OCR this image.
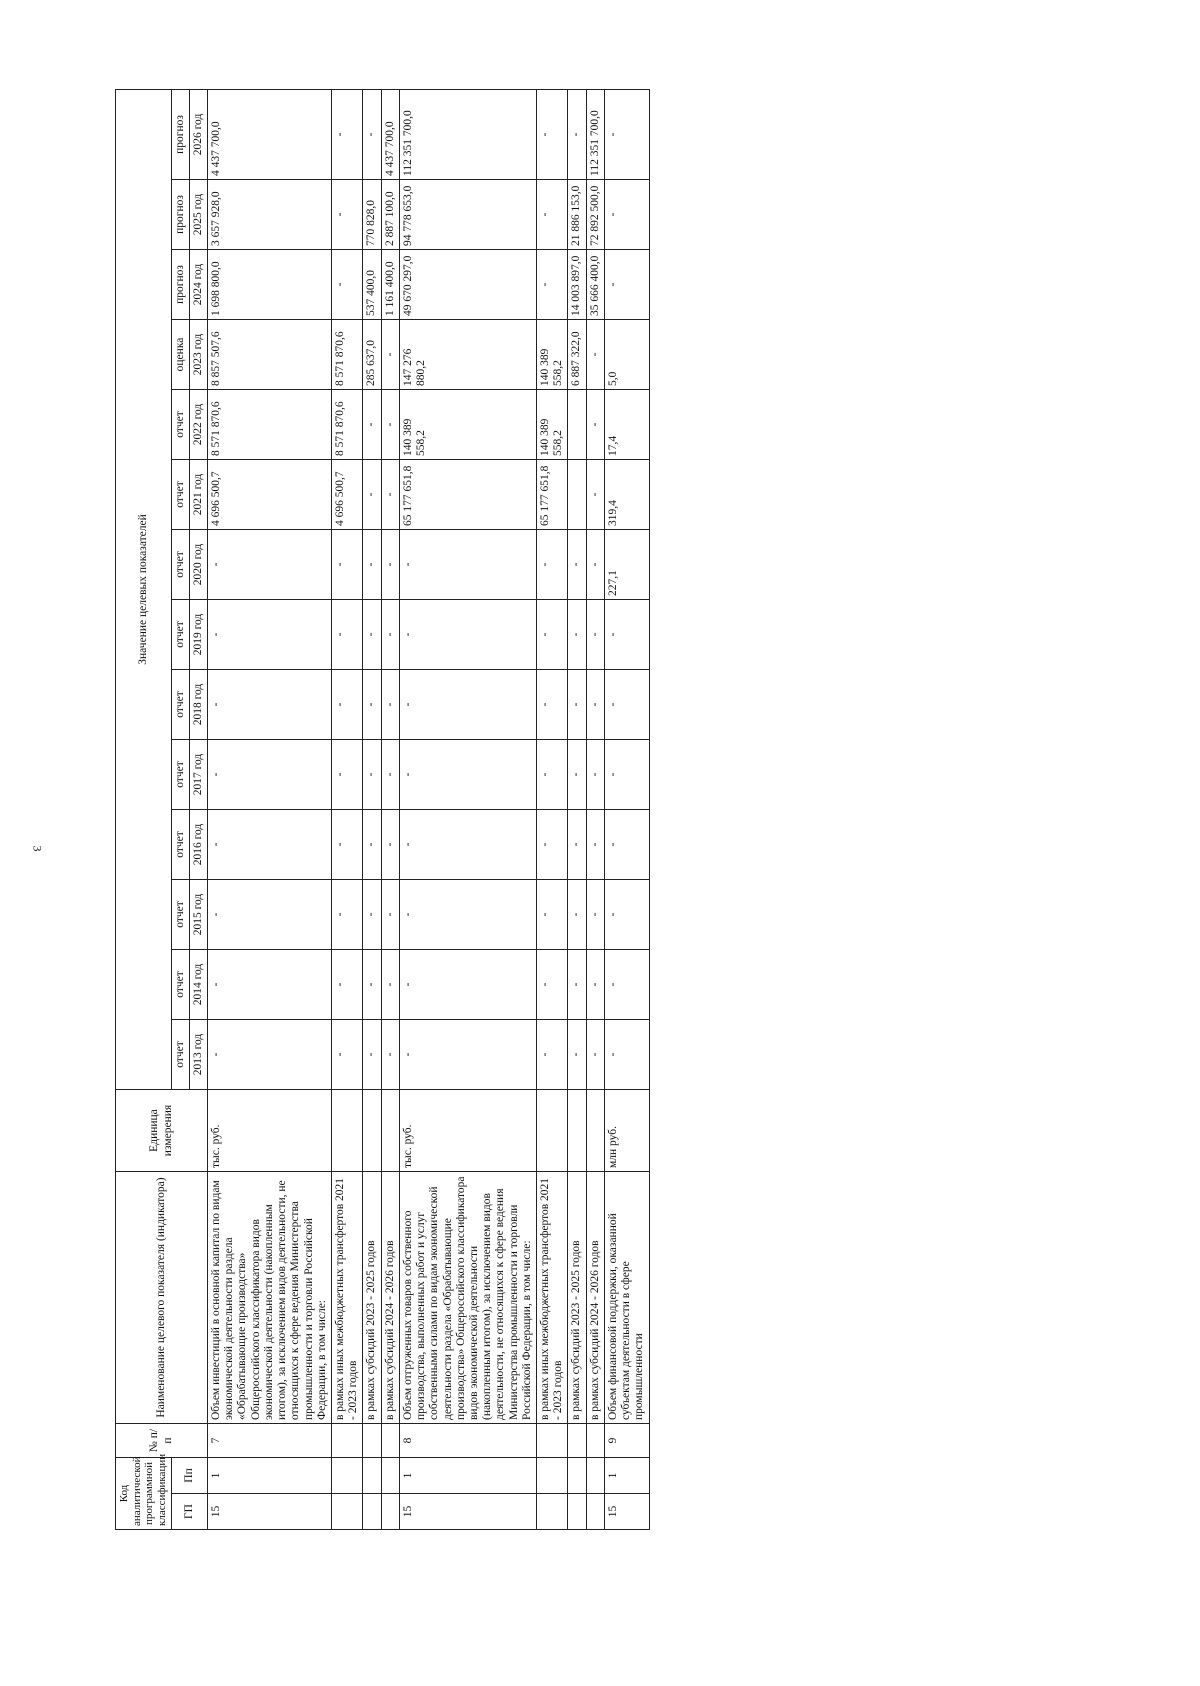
3
Код аналитической программной классификации		№ п/п	Наименование целевого показателя (индикатора)	Единица измерения	Значение целевых показателей													
ГП	Пп				отчет	отчет	отчет	отчет	отчет	отчет	отчет	отчет	отчет	отчет	оценка	прогноз	прогноз	прогноз
					2013 год	2014 год	2015 год	2016 год	2017 год	2018 год	2019 год	2020 год	2021 год	2022 год	2023 год	2024 год	2025 год	2026 год
15	1	7	Объем инвестиций в основной капитал по видам экономической деятельности раздела «Обрабатывающие производства» Общероссийского классификатора видов экономической деятельности (накопленным итогом), за исключением видов деятельности, не относящихся к сфере ведения Министерства промышленности и торговли Российской Федерации, в том числе:	тыс. руб.	-	-	-	-	-	-	-	-	4 696 500,7	8 571 870,6	8 857 507,6	1 698 800,0	3 657 928,0	4 437 700,0
			в рамках иных межбюджетных трансфертов 2021 - 2023 годов		-	-	-	-	-	-	-	-	4 696 500,7	8 571 870,6	8 571 870,6	-	-	-
			в рамках субсидий 2023 - 2025 годов		-	-	-	-	-	-	-	-	-	-	285 637,0	537 400,0	770 828,0	-
			в рамках субсидий 2024 - 2026 годов		-	-	-	-	-	-	-	-	-	-	-	1 161 400,0	2 887 100,0	4 437 700,0
15	1	8	Объем отгруженных товаров собственного производства, выполненных работ и услуг собственными силами по видам экономической деятельности раздела «Обрабатывающие производства» Общероссийского классификатора видов экономической деятельности (накопленным итогом), за исключением видов деятельности, не относящихся к сфере ведения Министерства промышленности и торговли Российской Федерации, в том числе:	тыс. руб.	-	-	-	-	-	-	-	-	65 177 651,8	140 389 558,2	147 276 880,2	49 670 297,0	94 778 653,0	112 351 700,0
			в рамках иных межбюджетных трансфертов 2021 - 2023 годов		-	-	-	-	-	-	-	-	65 177 651,8	140 389 558,2	140 389 558,2	-	-	-
			в рамках субсидий 2023 - 2025 годов		-	-	-	-	-	-	-	-			6 887 322,0	14 003 897,0	21 886 153,0	-
			в рамках субсидий 2024 - 2026 годов		-	-	-	-	-	-	-	-	-	-	-	35 666 400,0	72 892 500,0	112 351 700,0
15	1	9	Объем финансовой поддержки, оказанной субъектам деятельности в сфере промышленности	млн руб.	-	-	-	-	-	-	-	227,1	319,4	17,4	5,0	-	-	-
